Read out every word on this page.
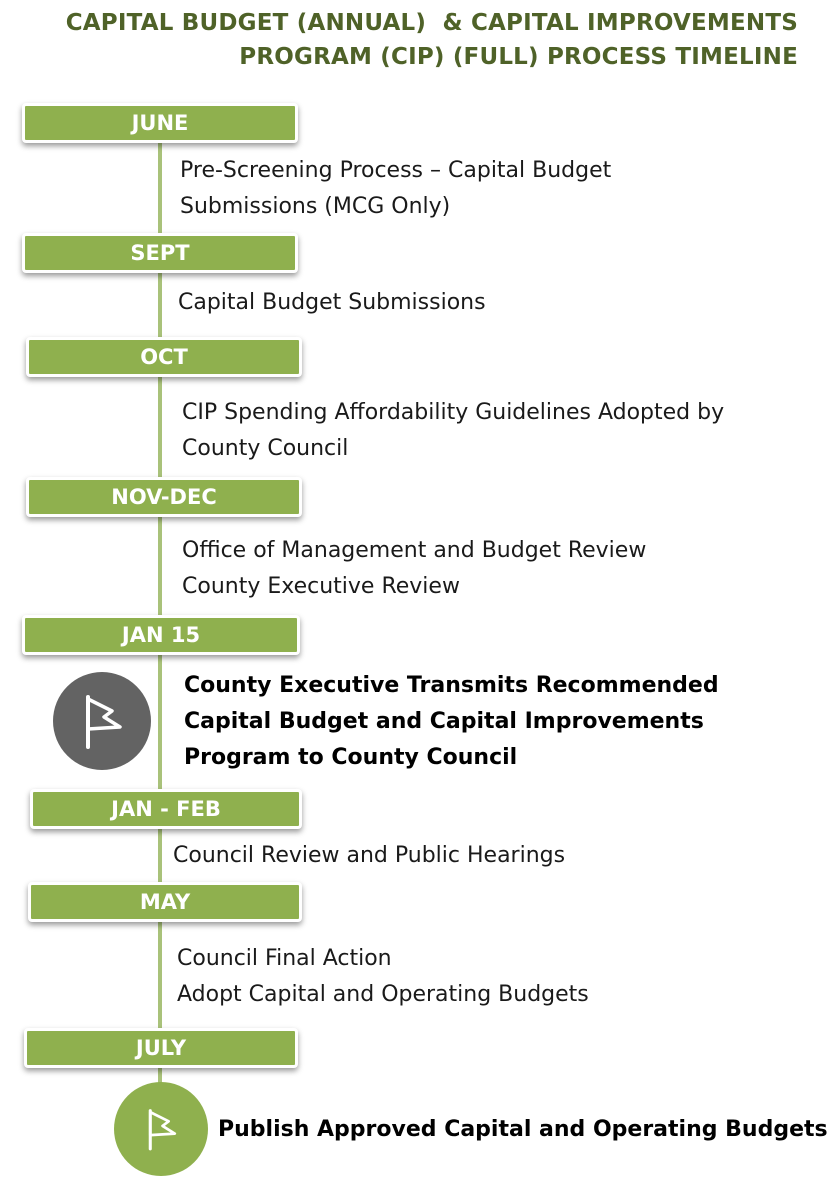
CAPITAL BUDGET (ANNUAL)  & CAPITAL IMPROVEMENTS
PROGRAM (CIP) (FULL) PROCESS TIMELINE
JUNE
Pre-Screening Process – Capital Budget
Submissions (MCG Only)
SEPT
Capital Budget Submissions
OCT
CIP Spending Affordability Guidelines Adopted by
County Council
NOV-DEC
Office of Management and Budget Review
County Executive Review
JAN 15
County Executive Transmits Recommended
Capital Budget and Capital Improvements
Program to County Council
JAN - FEB
Council Review and Public Hearings
MAY
Council Final Action
Adopt Capital and Operating Budgets
JULY
Publish Approved Capital and Operating Budgets
